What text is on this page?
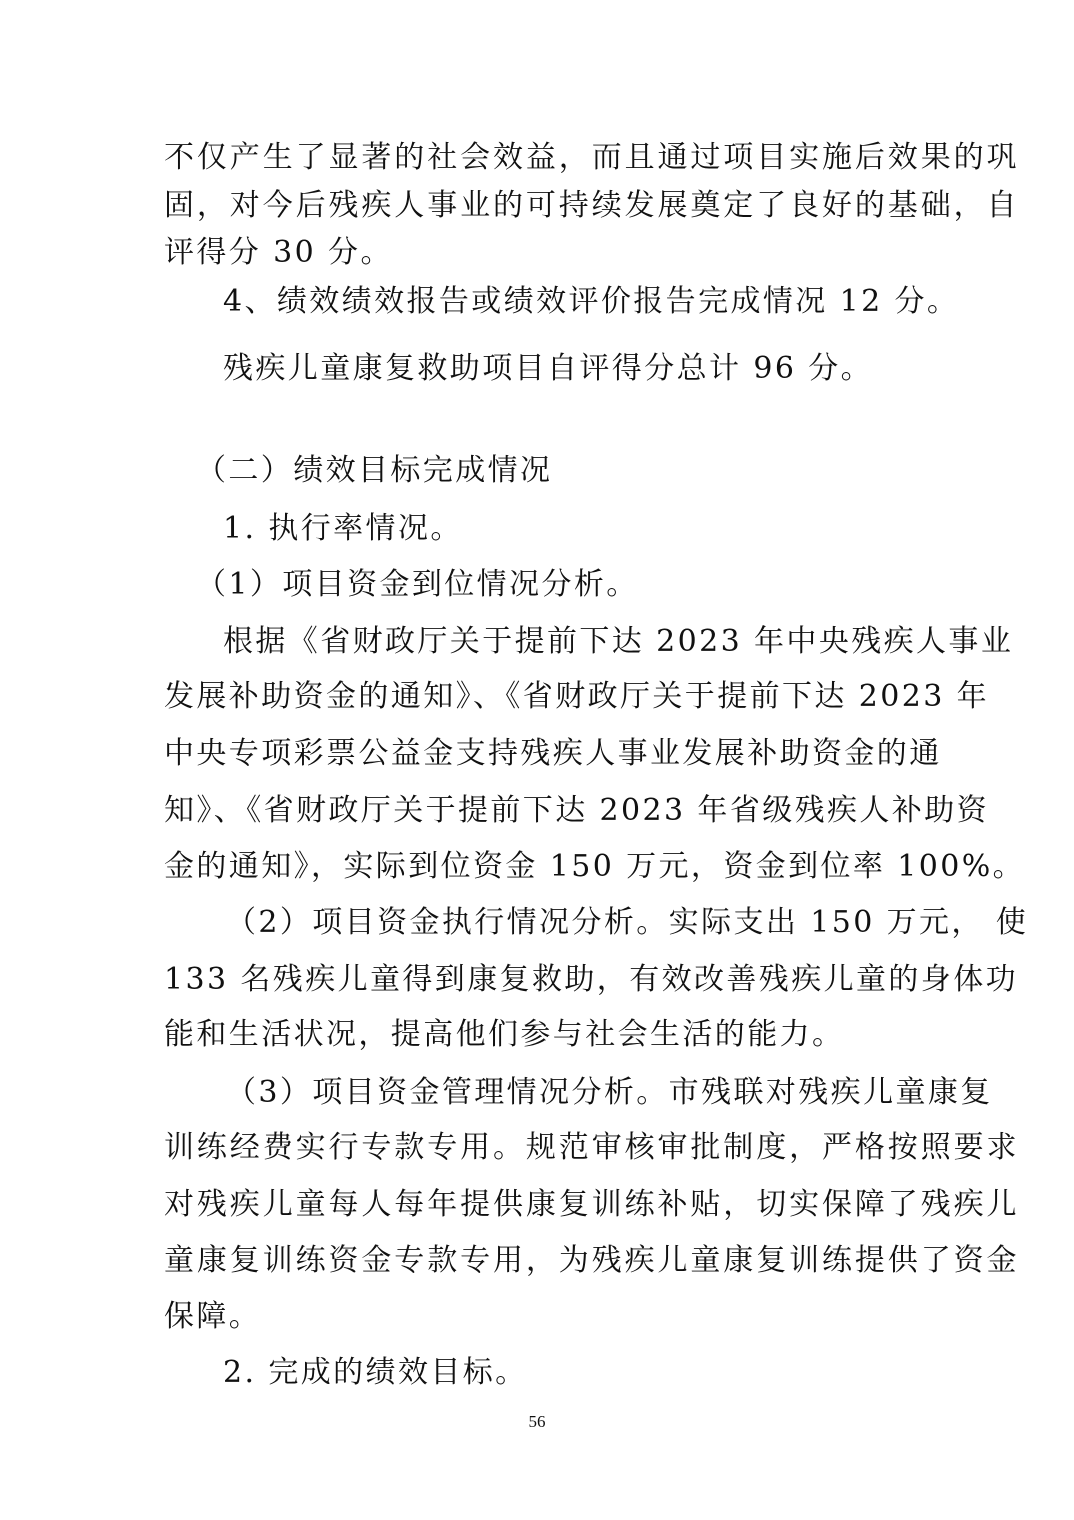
不仅产生了显著的社会效益，而且通过项目实施后效果的巩
固，对今后残疾人事业的可持续发展奠定了良好的基础，自
评得分 30 分。
4、绩效绩效报告或绩效评价报告完成情况 12 分。
残疾儿童康复救助项目自评得分总计 96 分。
（二）绩效目标完成情况
1. 执行率情况。
（1）项目资金到位情况分析。
根据《省财政厅关于提前下达 2023 年中央残疾人事业
发展补助资金的通知》、《省财政厅关于提前下达 2023 年
中央专项彩票公益金支持残疾人事业发展补助资金的通
知》、《省财政厅关于提前下达 2023 年省级残疾人补助资
金的通知》，实际到位资金 150 万元，资金到位率 100%。
（2）项目资金执行情况分析。实际支出 150 万元， 使
133 名残疾儿童得到康复救助，有效改善残疾儿童的身体功
能和生活状况，提高他们参与社会生活的能力。
（3）项目资金管理情况分析。市残联对残疾儿童康复
训练经费实行专款专用。规范审核审批制度，严格按照要求
对残疾儿童每人每年提供康复训练补贴，切实保障了残疾儿
童康复训练资金专款专用，为残疾儿童康复训练提供了资金
保障。
2. 完成的绩效目标。
56
